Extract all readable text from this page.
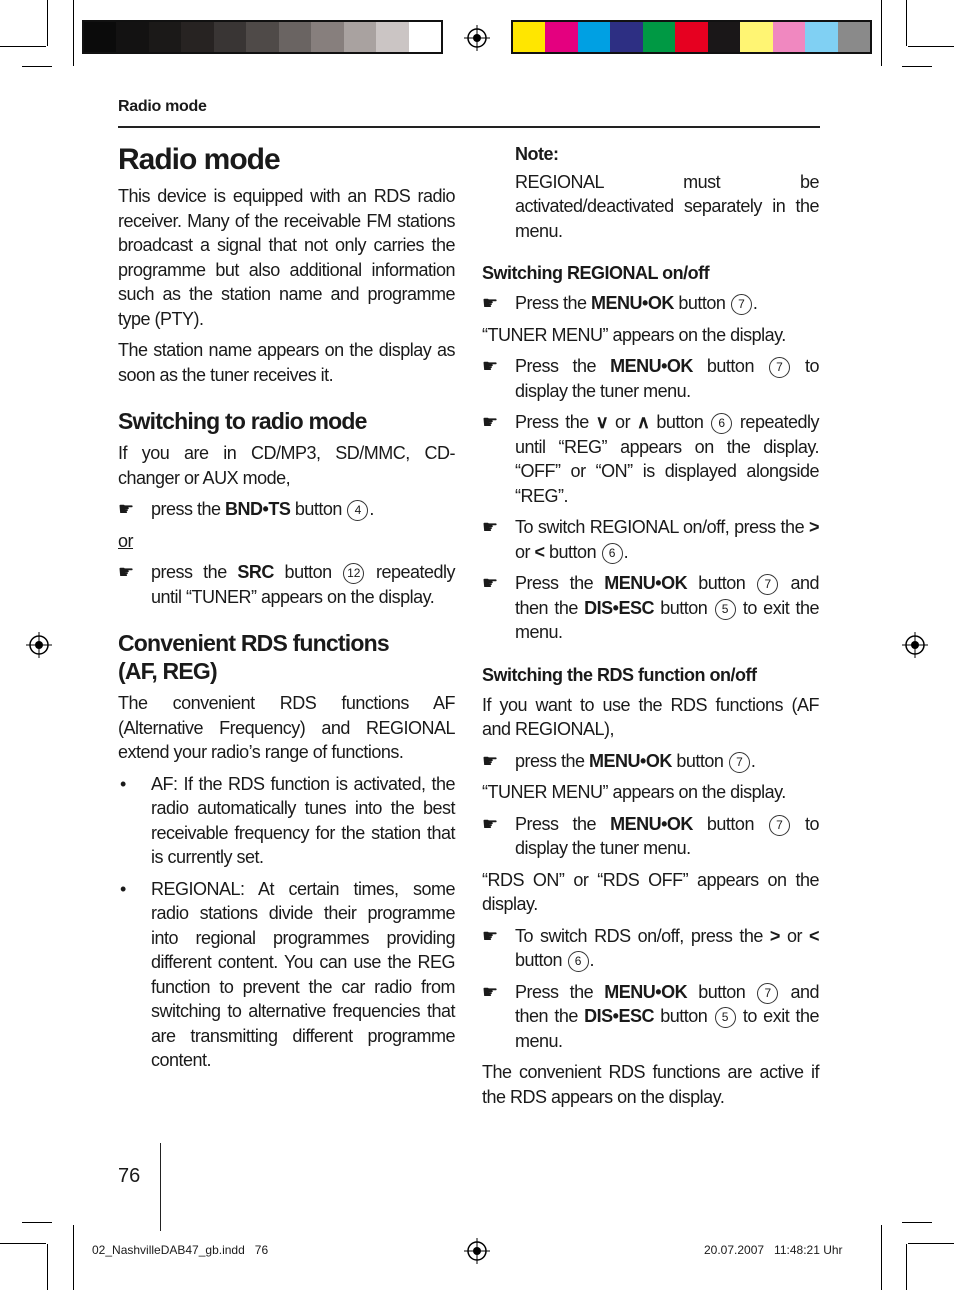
Radio mode
Radio mode

This device is equipped with an RDS radio receiver. Many of the receivable FM stations broadcast a signal that not only carries the programme but also additional information such as the station name and programme type (PTY).

The station name appears on the display as soon as the tuner receives it.

Switching to radio mode

If you are in CD/MP3, SD/MMC, CD-changer or AUX mode,

☛ press the BND•TS button 4 .
or
☛ press the SRC button 12 repeatedly until “TUNER” appears on the display.
Convenient RDS functions
(AF, REG)

The convenient RDS functions AF (Alternative Frequency) and REGIONAL extend your radio’s range of functions.

• AF: If the RDS function is activated, the radio automatically tunes into the best receivable frequency for the station that is currently set.
• REGIONAL: At certain times, some radio stations divide their programme into regional programmes providing different content. You can use the REG function to prevent the car radio from switching to alternative frequencies that are transmitting different programme content.
Note:

REGIONAL must be activated/deactivated separately in the menu.

Switching REGIONAL on/off
☛ Press the MENU•OK button 7 .

“TUNER MENU” appears on the display.

☛ Press the MENU•OK button 7 to display the tuner menu.
☛ Press the ∨ or ∧ button 6 repeatedly until “REG” appears on the display. “OFF” or “ON” is displayed alongside “REG”.
☛ To switch REGIONAL on/off, press the > or < button 6 .
☛ Press the MENU•OK button 7 and then the DIS•ESC button 5 to exit the menu.
Switching the RDS function on/off

If you want to use the RDS functions (AF and REGIONAL),

☛ press the MENU•OK button 7 .

“TUNER MENU” appears on the display.

☛ Press the MENU•OK button 7 to display the tuner menu.

“RDS ON” or “RDS OFF” appears on the display.

☛ To switch RDS on/off, press the > or < button 6 .
☛ Press the MENU•OK button 7 and then the DIS•ESC button 5 to exit the menu.

The convenient RDS functions are active if the RDS appears on the display.

76
02_NashvilleDAB47_gb.indd   76	20.07.2007   11:48:21 Uhr
